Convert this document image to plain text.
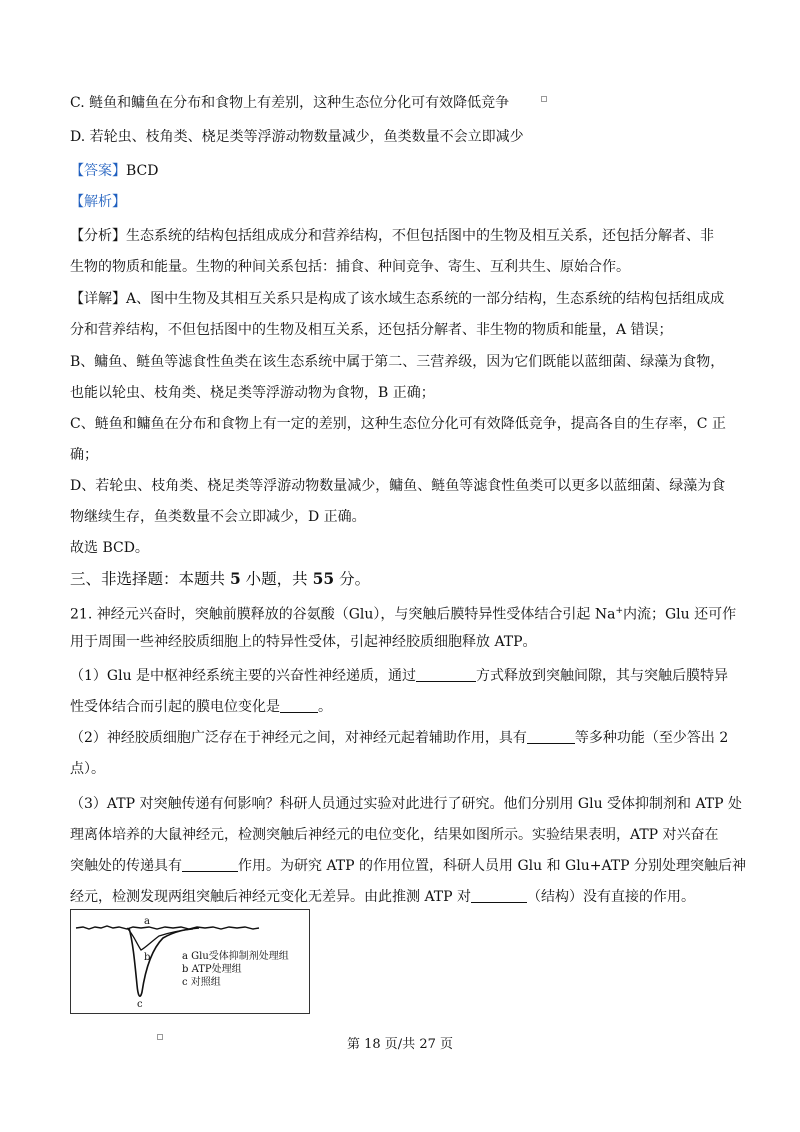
C. 鲢鱼和鳙鱼在分布和食物上有差别，这种生态位分化可有效降低竞争
D. 若轮虫、枝角类、桡足类等浮游动物数量减少，鱼类数量不会立即减少
【答案】BCD
【解析】
【分析】生态系统的结构包括组成成分和营养结构，不但包括图中的生物及相互关系，还包括分解者、非
生物的物质和能量。生物的种间关系包括：捕食、种间竞争、寄生、互利共生、原始合作。
【详解】A、图中生物及其相互关系只是构成了该水域生态系统的一部分结构，生态系统的结构包括组成成
分和营养结构，不但包括图中的生物及相互关系，还包括分解者、非生物的物质和能量，A 错误；
B、鳙鱼、鲢鱼等滤食性鱼类在该生态系统中属于第二、三营养级，因为它们既能以蓝细菌、绿藻为食物，
也能以轮虫、枝角类、桡足类等浮游动物为食物，B 正确；
C、鲢鱼和鳙鱼在分布和食物上有一定的差别，这种生态位分化可有效降低竞争，提高各自的生存率，C 正
确；
D、若轮虫、枝角类、桡足类等浮游动物数量减少，鳙鱼、鲢鱼等滤食性鱼类可以更多以蓝细菌、绿藻为食
物继续生存，鱼类数量不会立即减少，D 正确。
故选 BCD。
三、非选择题：本题共 5 小题，共 55 分。
21. 神经元兴奋时，突触前膜释放的谷氨酸（Glu），与突触后膜特异性受体结合引起 Na+内流；Glu 还可作
用于周围一些神经胶质细胞上的特异性受体，引起神经胶质细胞释放 ATP。
（1）Glu 是中枢神经系统主要的兴奋性神经递质，通过	方式释放到突触间隙，其与突触后膜特异
性受体结合而引起的膜电位变化是	。
（2）神经胶质细胞广泛存在于神经元之间，对神经元起着辅助作用，具有	等多种功能（至少答出 2
点）。
（3）ATP 对突触传递有何影响？科研人员通过实验对此进行了研究。他们分别用 Glu 受体抑制剂和 ATP 处
理离体培养的大鼠神经元，检测突触后神经元的电位变化，结果如图所示。实验结果表明，ATP 对兴奋在
突触处的传递具有	作用。为研究 ATP 的作用位置，科研人员用 Glu 和 Glu+ATP 分别处理突触后神
经元，检测发现两组突触后神经元变化无差异。由此推测 ATP 对	（结构）没有直接的作用。
a
b
c
a Glu受体抑制剂处理组
b ATP处理组
c 对照组
第 18 页/共 27 页
